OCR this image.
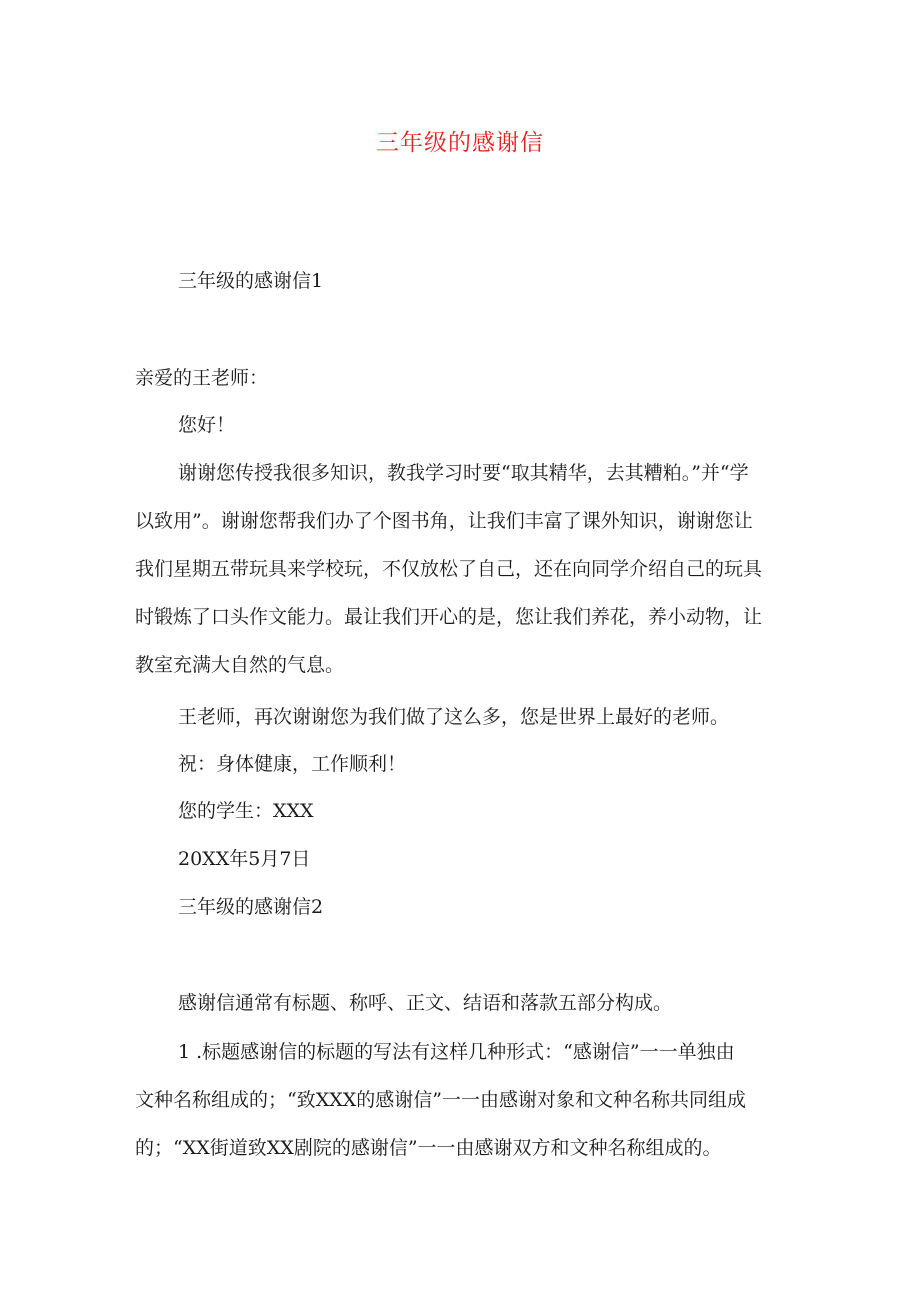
三年级的感谢信
三年级的感谢信1
亲爱的王老师：
您好！
谢谢您传授我很多知识，教我学习时要“取其精华，去其糟粕。”并“学
以致用”。谢谢您帮我们办了个图书角，让我们丰富了课外知识，谢谢您让
我们星期五带玩具来学校玩，不仅放松了自己，还在向同学介绍自己的玩具
时锻炼了口头作文能力。最让我们开心的是，您让我们养花，养小动物，让
教室充满大自然的气息。
王老师，再次谢谢您为我们做了这么多，您是世界上最好的老师。
祝：身体健康，工作顺利！
您的学生：XXX
20XX年5月7日
三年级的感谢信2
感谢信通常有标题、称呼、正文、结语和落款五部分构成。
1 .标题感谢信的标题的写法有这样几种形式：“感谢信”一一单独由
文种名称组成的；“致XXX的感谢信”一一由感谢对象和文种名称共同组成
的；“XX街道致XX剧院的感谢信”一一由感谢双方和文种名称组成的。
